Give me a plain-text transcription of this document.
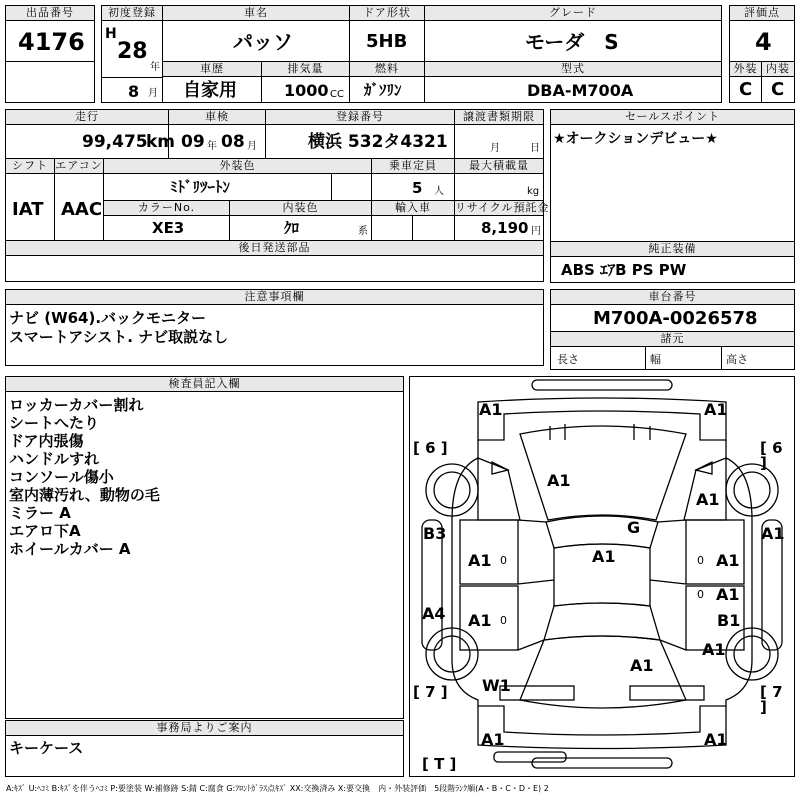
出品番号
4176
初度登録
H
28
年
8 月
車名
パッソ
車歴
自家用
排気量
1000 CC
ドア形状
5HB
燃料
ｶﾞｿﾘﾝ
グレード
モーダ　S
型式
DBA-M700A
評価点
4
外装 内装
C C
走行
99,475
km
車検
09 年 08 月
登録番号
横浜 532タ4321
譲渡書類期限
月	日
シフト エアコン
IAT AAC
外装色
ﾐﾄﾞﾘﾂｰﾄﾝ
乗車定員
5 人
最大積載量
kg
カラーNo.
XE3
内装色
ｸﾛ	系
輸入車	リサイクル預託金
8,190 円
後日発送部品
セールスポイント
★オークションデビュー★
純正装備
ABS ｴｱB PS PW
注意事項欄
ナビ (W64).バックモニター
スマートアシスト. ナビ取説なし
車台番号
M700A-0026578
諸元
長さ	幅	高さ
検査員記入欄
ロッカーカバー割れ
シートへたり
ドア内張傷
ハンドルすれ
コンソール傷小
室内薄汚れ、動物の毛
ミラー A
エアロ下A
ホイールカバー A
事務局よりご案内
キーケース
[ 6 ]	[ 6 ]
[ 7 ]	[ 7 ]
[ T ]
A1	A1
A1
A1
B3	A1
G
A1
A1 0	A1
0
A1
0
A4 A1 0	B1
A1
A1
W1
A1	A1
A:ｷｽﾞ U:ﾍｺﾐ B:ｷｽﾞを伴うﾍｺﾐ P:要塗装 W:補修跡 S:錆 C:腐食 G:ﾌﾛﾝﾄｶﾞﾗｽ点ｷｽﾞ XX:交換済み X:要交換　内・外装評価　5段階ﾗﾝｸ順(A・B・C・D・E) 2
